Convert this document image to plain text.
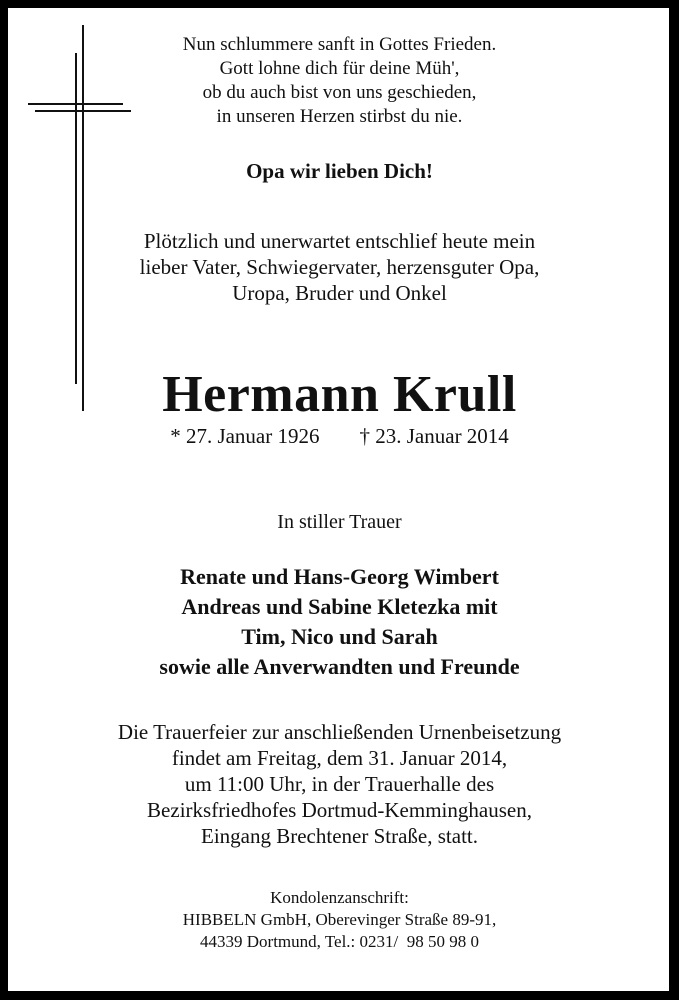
Nun schlummere sanft in Gottes Frieden.
Gott lohne dich für deine Müh',
ob du auch bist von uns geschieden,
in unseren Herzen stirbst du nie.
Opa wir lieben Dich!
Plötzlich und unerwartet entschlief heute mein
lieber Vater, Schwiegervater, herzensguter Opa,
Uropa, Bruder und Onkel
Hermann Krull
* 27. Januar 1926 † 23. Januar 2014
In stiller Trauer
Renate und Hans-Georg Wimbert
Andreas und Sabine Kletezka mit
Tim, Nico und Sarah
sowie alle Anverwandten und Freunde
Die Trauerfeier zur anschließenden Urnenbeisetzung
findet am Freitag, dem 31. Januar 2014,
um 11:00 Uhr, in der Trauerhalle des
Bezirksfriedhofes Dortmud-Kemminghausen,
Eingang Brechtener Straße, statt.
Kondolenzanschrift:
HIBBELN GmbH, Oberevinger Straße 89-91,
44339 Dortmund, Tel.: 0231/  98 50 98 0
